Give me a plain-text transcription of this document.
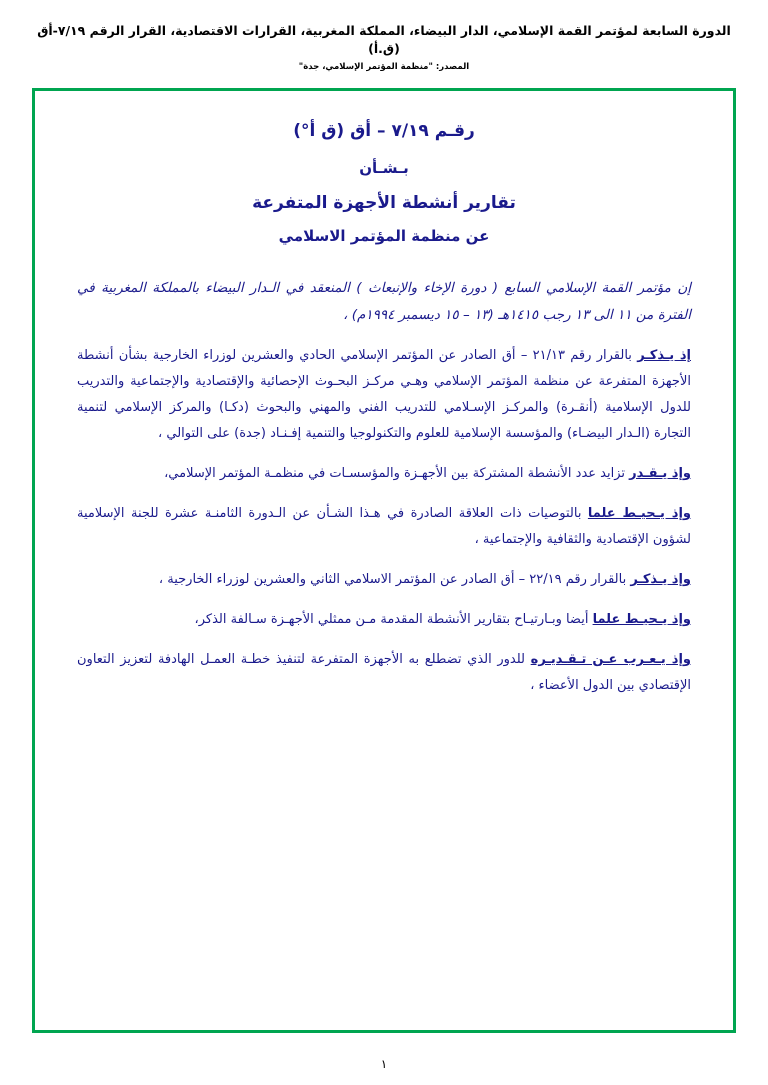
الدورة السابعة لمؤتمر القمة الإسلامي، الدار البيضاء، المملكة المغربية، القرارات الاقتصادية، القرار الرقم ٧/١٩-أق (ق.أ)
المصدر: "منظمة المؤتمر الإسلامي، جدة"
رقـم ٧/١٩ – أق (ق أ°)
بـشـأن
تقارير أنشطة الأجهزة المتفرعة
عن منظمة المؤتمر الاسلامي
إن مؤتمر القمة الإسلامي السابع ( دورة الإخاء والإنبعاث ) المنعقد في الـدار البيضاء بالمملكة المغربية في الفترة من ١١ الى ١٣ رجب ١٤١٥هـ (١٣ – ١٥ ديسمبر ١٩٩٤م) ،
إذ يـذكـر بالقرار رقم ٢١/١٣ – أق الصادر عن المؤتمر الإسلامي الحادي والعشرين لوزراء الخارجية بشأن أنشطة الأجهزة المتفرعة عن منظمة المؤتمر الإسلامي وهـي مركـز البحـوث الإحصائية والإقتصادية والإجتماعية والتدريب للدول الإسلامية (أنقـرة) والمركـز الإسـلامي للتدريب الفني والمهني والبحوث (دكـا) والمركز الإسلامي لتنمية التجارة (الـدار البيضـاء) والمؤسسة الإسلامية للعلوم والتكنولوجيا والتنمية إفـنـاد (جدة) على التوالي ،
وإذ يـقـدر تزايد عدد الأنشطة المشتركة بين الأجهـزة والمؤسسـات في منظمـة المؤتمر الإسلامي،
وإذ يـحيـط علما بالتوصيات ذات العلاقة الصادرة في هـذا الشـأن عن الـدورة الثامنـة عشرة للجنة الإسلامية لشؤون الإقتصادية والثقافية والإجتماعية ،
وإذ يـذكـر بالقرار رقم ٢٢/١٩ – أق الصادر عن المؤتمر الاسلامي الثاني والعشرين لوزراء الخارجية ،
وإذ يـحيـط علما أيضا وبـارتيـاح بتقارير الأنشطة المقدمة مـن ممثلي الأجهـزة سـالفة الذكر،
وإذ يـعـرب عـن تـقـديـره للدور الذي تضطلع به الأجهزة المتفرعة لتنفيذ خطـة العمـل الهادفة لتعزيز التعاون الإقتصادي بين الدول الأعضاء ،
١
